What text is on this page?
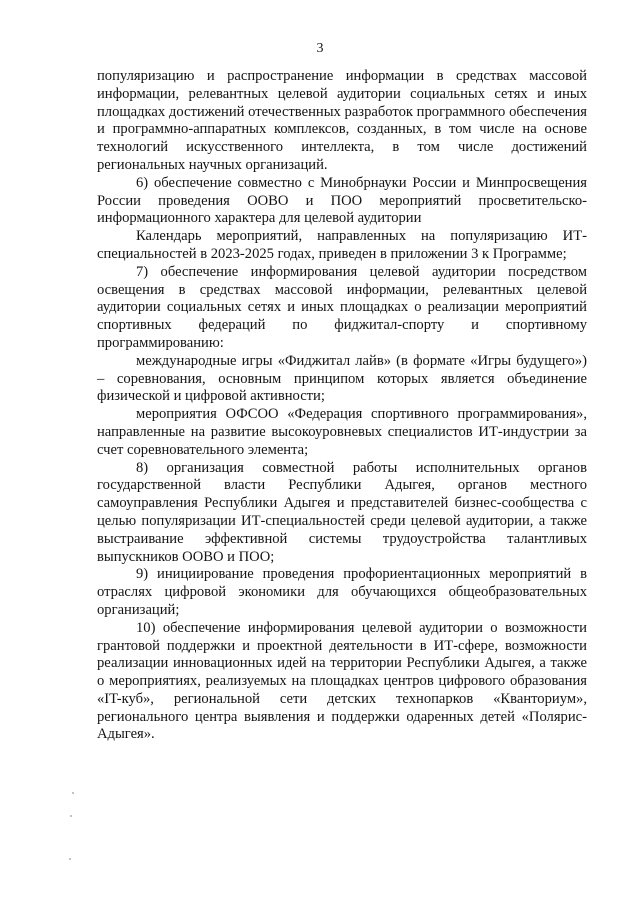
3

популяризацию и распространение информации в средствах массовой информации, релевантных целевой аудитории социальных сетях и иных площадках достижений отечественных разработок программного обеспечения и программно-аппаратных комплексов, созданных, в том числе на основе технологий искусственного интеллекта, в том числе достижений региональных научных организаций.

6) обеспечение совместно с Минобрнауки России и Минпросвещения России проведения ООВО и ПОО мероприятий просветительско-информационного характера для целевой аудитории

Календарь мероприятий, направленных на популяризацию ИТ-специальностей в 2023-2025 годах, приведен в приложении 3 к Программе;

7) обеспечение информирования целевой аудитории посредством освещения в средствах массовой информации, релевантных целевой аудитории социальных сетях и иных площадках о реализации мероприятий спортивных федераций по фиджитал-спорту и спортивному программированию:

международные игры «Фиджитал лайв» (в формате «Игры будущего») – соревнования, основным принципом которых является объединение физической и цифровой активности;

мероприятия ОФСОО «Федерация спортивного программирования», направленные на развитие высокоуровневых специалистов ИТ-индустрии за счет соревновательного элемента;

8) организация совместной работы исполнительных органов государственной власти Республики Адыгея, органов местного самоуправления Республики Адыгея и представителей бизнес-сообщества с целью популяризации ИТ-специальностей среди целевой аудитории, а также выстраивание эффективной системы трудоустройства талантливых выпускников ООВО и ПОО;

9) инициирование проведения профориентационных мероприятий в отраслях цифровой экономики для обучающихся общеобразовательных организаций;

10) обеспечение информирования целевой аудитории о возможности грантовой поддержки и проектной деятельности в ИТ-сфере, возможности реализации инновационных идей на территории Республики Адыгея, а также о мероприятиях, реализуемых на площадках центров цифрового образования «IT-куб», региональной сети детских технопарков «Кванториум», регионального центра выявления и поддержки одаренных детей «Полярис-Адыгея».
